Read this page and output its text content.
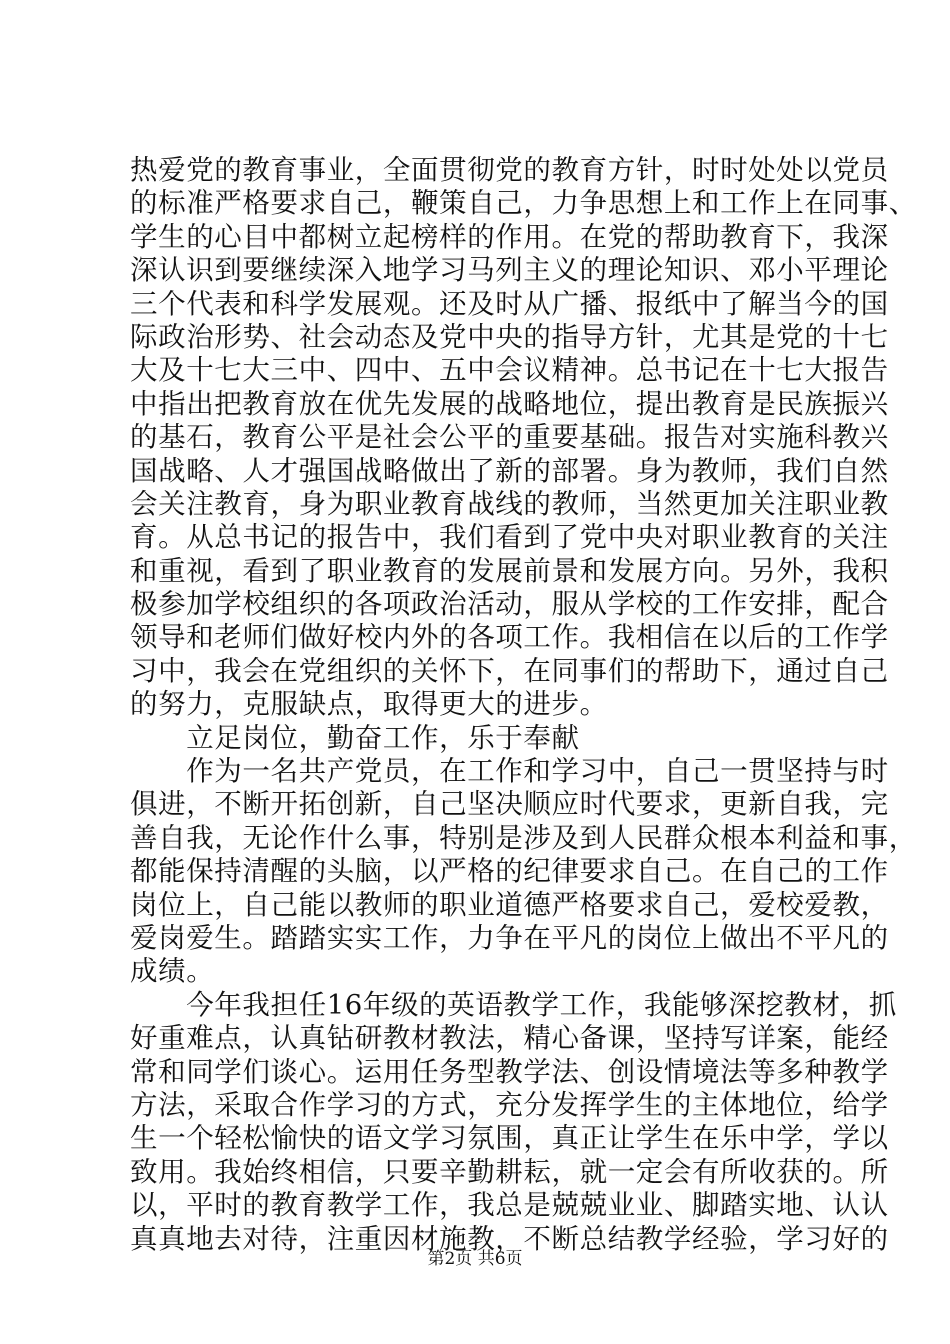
热爱党的教育事业，全面贯彻党的教育方针，时时处处以党员
的标准严格要求自己，鞭策自己，力争思想上和工作上在同事、
学生的心目中都树立起榜样的作用。在党的帮助教育下，我深
深认识到要继续深入地学习马列主义的理论知识、邓小平理论
三个代表和科学发展观。还及时从广播、报纸中了解当今的国
际政治形势、社会动态及党中央的指导方针，尤其是党的十七
大及十七大三中、四中、五中会议精神。总书记在十七大报告
中指出把教育放在优先发展的战略地位，提出教育是民族振兴
的基石，教育公平是社会公平的重要基础。报告对实施科教兴
国战略、人才强国战略做出了新的部署。身为教师，我们自然
会关注教育，身为职业教育战线的教师，当然更加关注职业教
育。从总书记的报告中，我们看到了党中央对职业教育的关注
和重视，看到了职业教育的发展前景和发展方向。另外，我积
极参加学校组织的各项政治活动，服从学校的工作安排，配合
领导和老师们做好校内外的各项工作。我相信在以后的工作学
习中，我会在党组织的关怀下，在同事们的帮助下，通过自己
的努力，克服缺点，取得更大的进步。
　　立足岗位，勤奋工作，乐于奉献
　　作为一名共产党员，在工作和学习中，自己一贯坚持与时
俱进，不断开拓创新，自己坚决顺应时代要求，更新自我，完
善自我，无论作什么事，特别是涉及到人民群众根本利益和事，
都能保持清醒的头脑，以严格的纪律要求自己。在自己的工作
岗位上，自己能以教师的职业道德严格要求自己，爱校爱教，
爱岗爱生。踏踏实实工作，力争在平凡的岗位上做出不平凡的
成绩。
　　今年我担任16年级的英语教学工作，我能够深挖教材，抓
好重难点，认真钻研教材教法，精心备课，坚持写详案，能经
常和同学们谈心。运用任务型教学法、创设情境法等多种教学
方法，采取合作学习的方式，充分发挥学生的主体地位，给学
生一个轻松愉快的语文学习氛围，真正让学生在乐中学，学以
致用。我始终相信，只要辛勤耕耘，就一定会有所收获的。所
以，平时的教育教学工作，我总是兢兢业业、脚踏实地、认认
真真地去对待，注重因材施教，不断总结教学经验，学习好的
第2页 共6页
